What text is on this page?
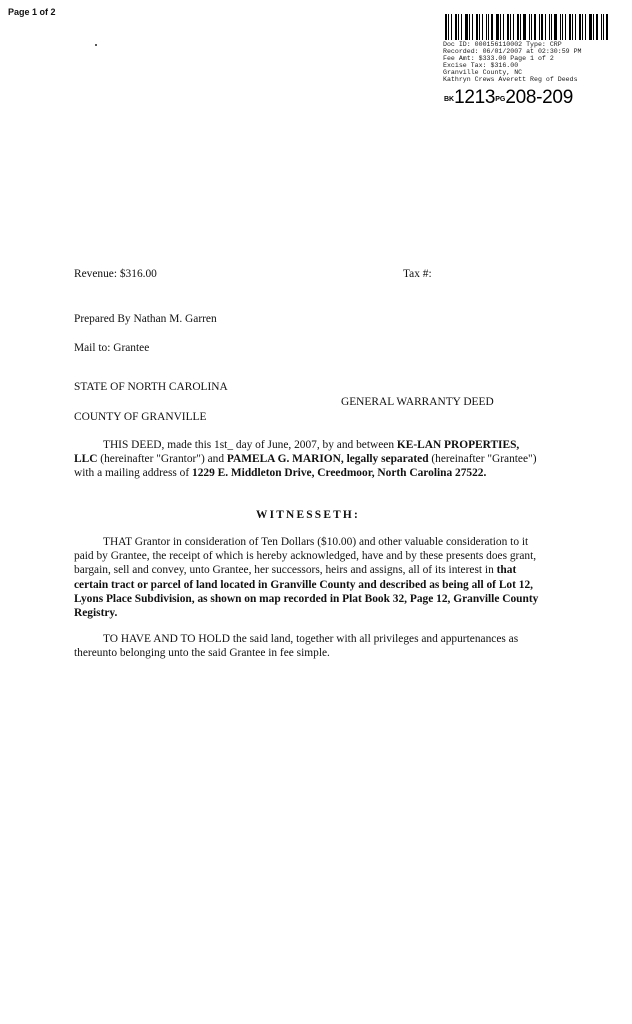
Page 1 of 2
Doc ID: 000156110002 Type: CRP
Recorded: 06/01/2007 at 02:30:59 PM
Fee Amt: $333.00 Page 1 of 2
Excise Tax: $316.00
Granville County, NC
Kathryn Crews Averett Reg of Deeds
BK1213PG208-209
Revenue: $316.00	Tax #:
Prepared By Nathan M. Garren
Mail to: Grantee
STATE OF NORTH CAROLINA
GENERAL WARRANTY DEED
COUNTY OF GRANVILLE
THIS DEED, made this 1st_ day of June, 2007, by and between KE-LAN PROPERTIES, LLC (hereinafter "Grantor") and PAMELA G. MARION, legally separated (hereinafter "Grantee") with a mailing address of 1229 E. Middleton Drive, Creedmoor, North Carolina 27522.
WITNESSETH:
THAT Grantor in consideration of Ten Dollars ($10.00) and other valuable consideration to it paid by Grantee, the receipt of which is hereby acknowledged, have and by these presents does grant, bargain, sell and convey, unto Grantee, her successors, heirs and assigns, all of its interest in that certain tract or parcel of land located in Granville County and described as being all of Lot 12, Lyons Place Subdivision, as shown on map recorded in Plat Book 32, Page 12, Granville County Registry.
TO HAVE AND TO HOLD the said land, together with all privileges and appurtenances as thereunto belonging unto the said Grantee in fee simple.
